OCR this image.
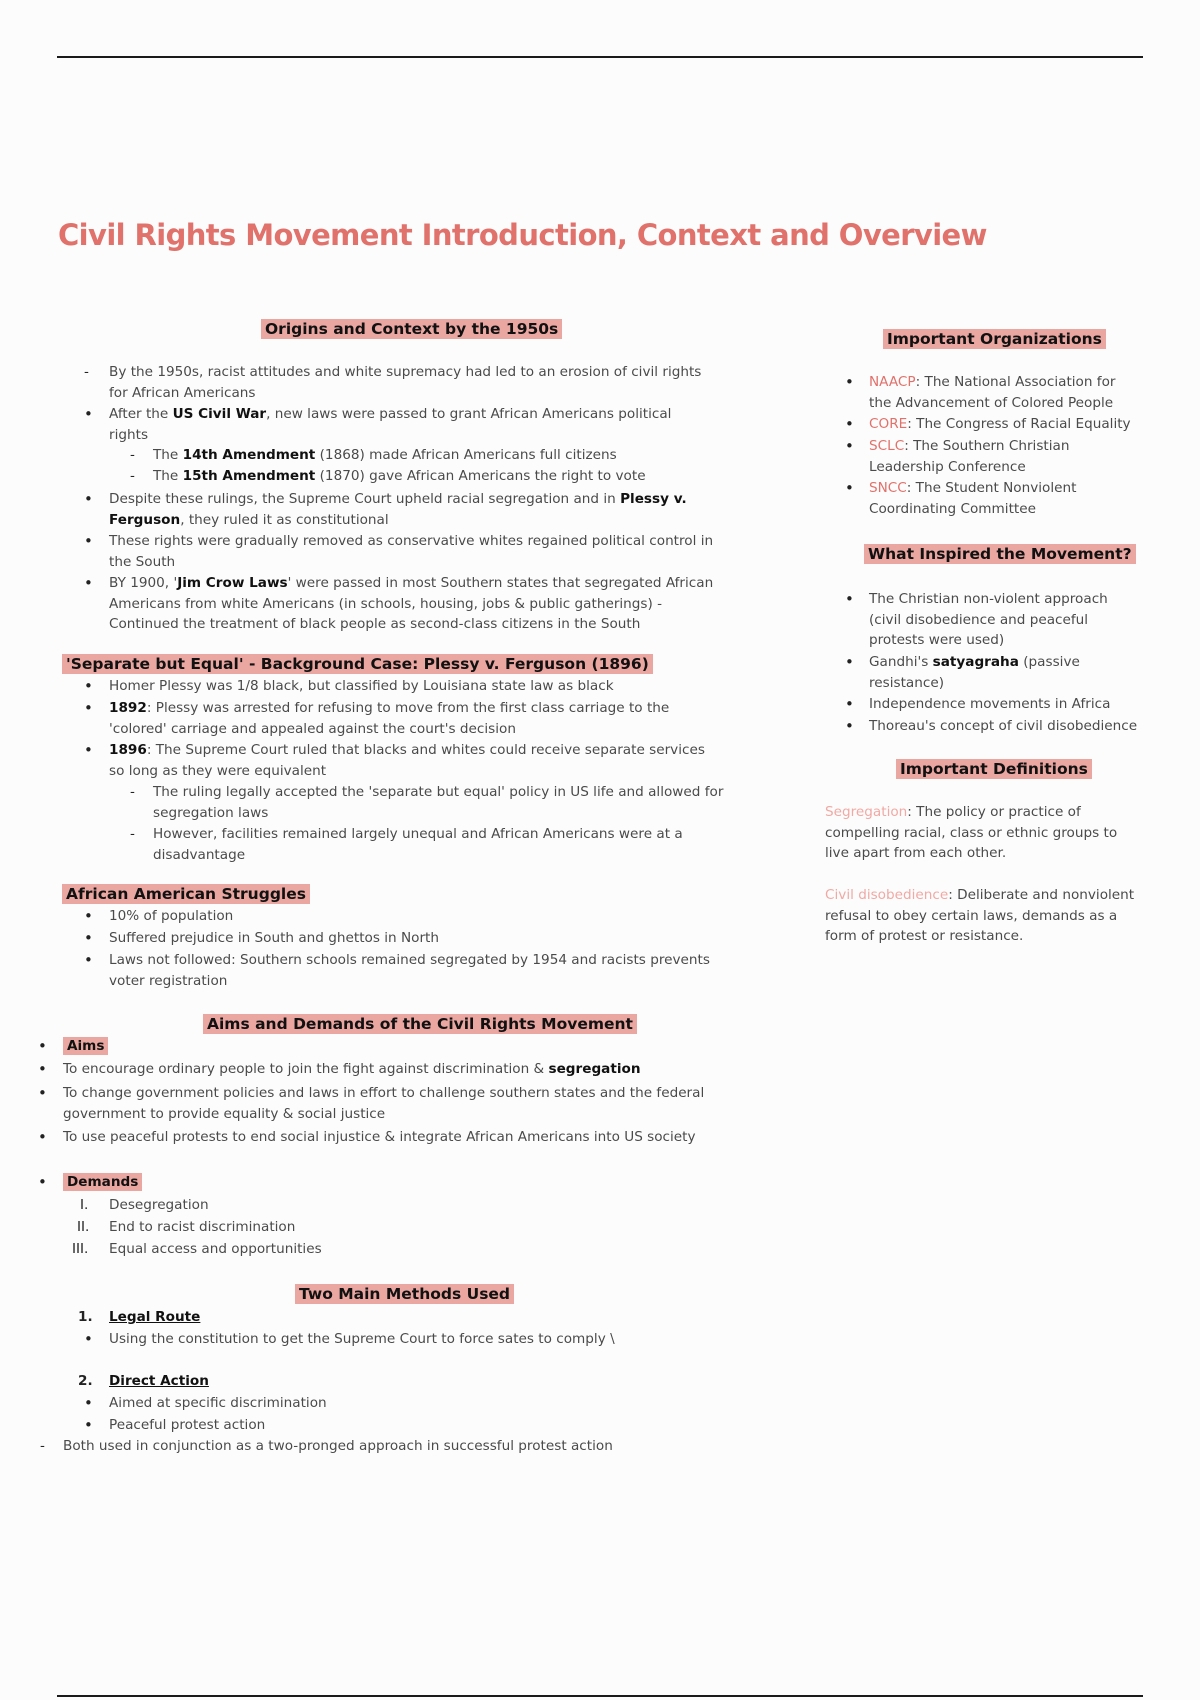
Civil Rights Movement Introduction, Context and Overview
Origins and Context by the 1950s
- By the 1950s, racist attitudes and white supremacy had led to an erosion of civil rights
for African Americans
• After the US Civil War, new laws were passed to grant African Americans political
rights
- The 14th Amendment (1868) made African Americans full citizens
- The 15th Amendment (1870) gave African Americans the right to vote
• Despite these rulings, the Supreme Court upheld racial segregation and in Plessy v.
Ferguson, they ruled it as constitutional
• These rights were gradually removed as conservative whites regained political control in
the South
• BY 1900, 'Jim Crow Laws' were passed in most Southern states that segregated African
Americans from white Americans (in schools, housing, jobs & public gatherings) -
Continued the treatment of black people as second-class citizens in the South
'Separate but Equal' - Background Case: Plessy v. Ferguson (1896)
• Homer Plessy was 1/8 black, but classified by Louisiana state law as black
• 1892: Plessy was arrested for refusing to move from the first class carriage to the
'colored' carriage and appealed against the court's decision
• 1896: The Supreme Court ruled that blacks and whites could receive separate services
so long as they were equivalent
- The ruling legally accepted the 'separate but equal' policy in US life and allowed for
segregation laws
- However, facilities remained largely unequal and African Americans were at a
disadvantage
African American Struggles
• 10% of population
• Suffered prejudice in South and ghettos in North
• Laws not followed: Southern schools remained segregated by 1954 and racists prevents
voter registration
Aims and Demands of the Civil Rights Movement
• Aims
• To encourage ordinary people to join the fight against discrimination & segregation
• To change government policies and laws in effort to challenge southern states and the federal
government to provide equality & social justice
• To use peaceful protests to end social injustice & integrate African Americans into US society
• Demands
I. Desegregation
II. End to racist discrimination
III. Equal access and opportunities
Two Main Methods Used
1. Legal Route
• Using the constitution to get the Supreme Court to force sates to comply \
2. Direct Action
• Aimed at specific discrimination
• Peaceful protest action
- Both used in conjunction as a two-pronged approach in successful protest action
Important Organizations
• NAACP: The National Association for
the Advancement of Colored People
• CORE: The Congress of Racial Equality
• SCLC: The Southern Christian
Leadership Conference
• SNCC: The Student Nonviolent
Coordinating Committee
What Inspired the Movement?
• The Christian non-violent approach
(civil disobedience and peaceful
protests were used)
• Gandhi's satyagraha (passive
resistance)
• Independence movements in Africa
• Thoreau's concept of civil disobedience
Important Definitions
Segregation: The policy or practice of
compelling racial, class or ethnic groups to
live apart from each other.
Civil disobedience: Deliberate and nonviolent
refusal to obey certain laws, demands as a
form of protest or resistance.
